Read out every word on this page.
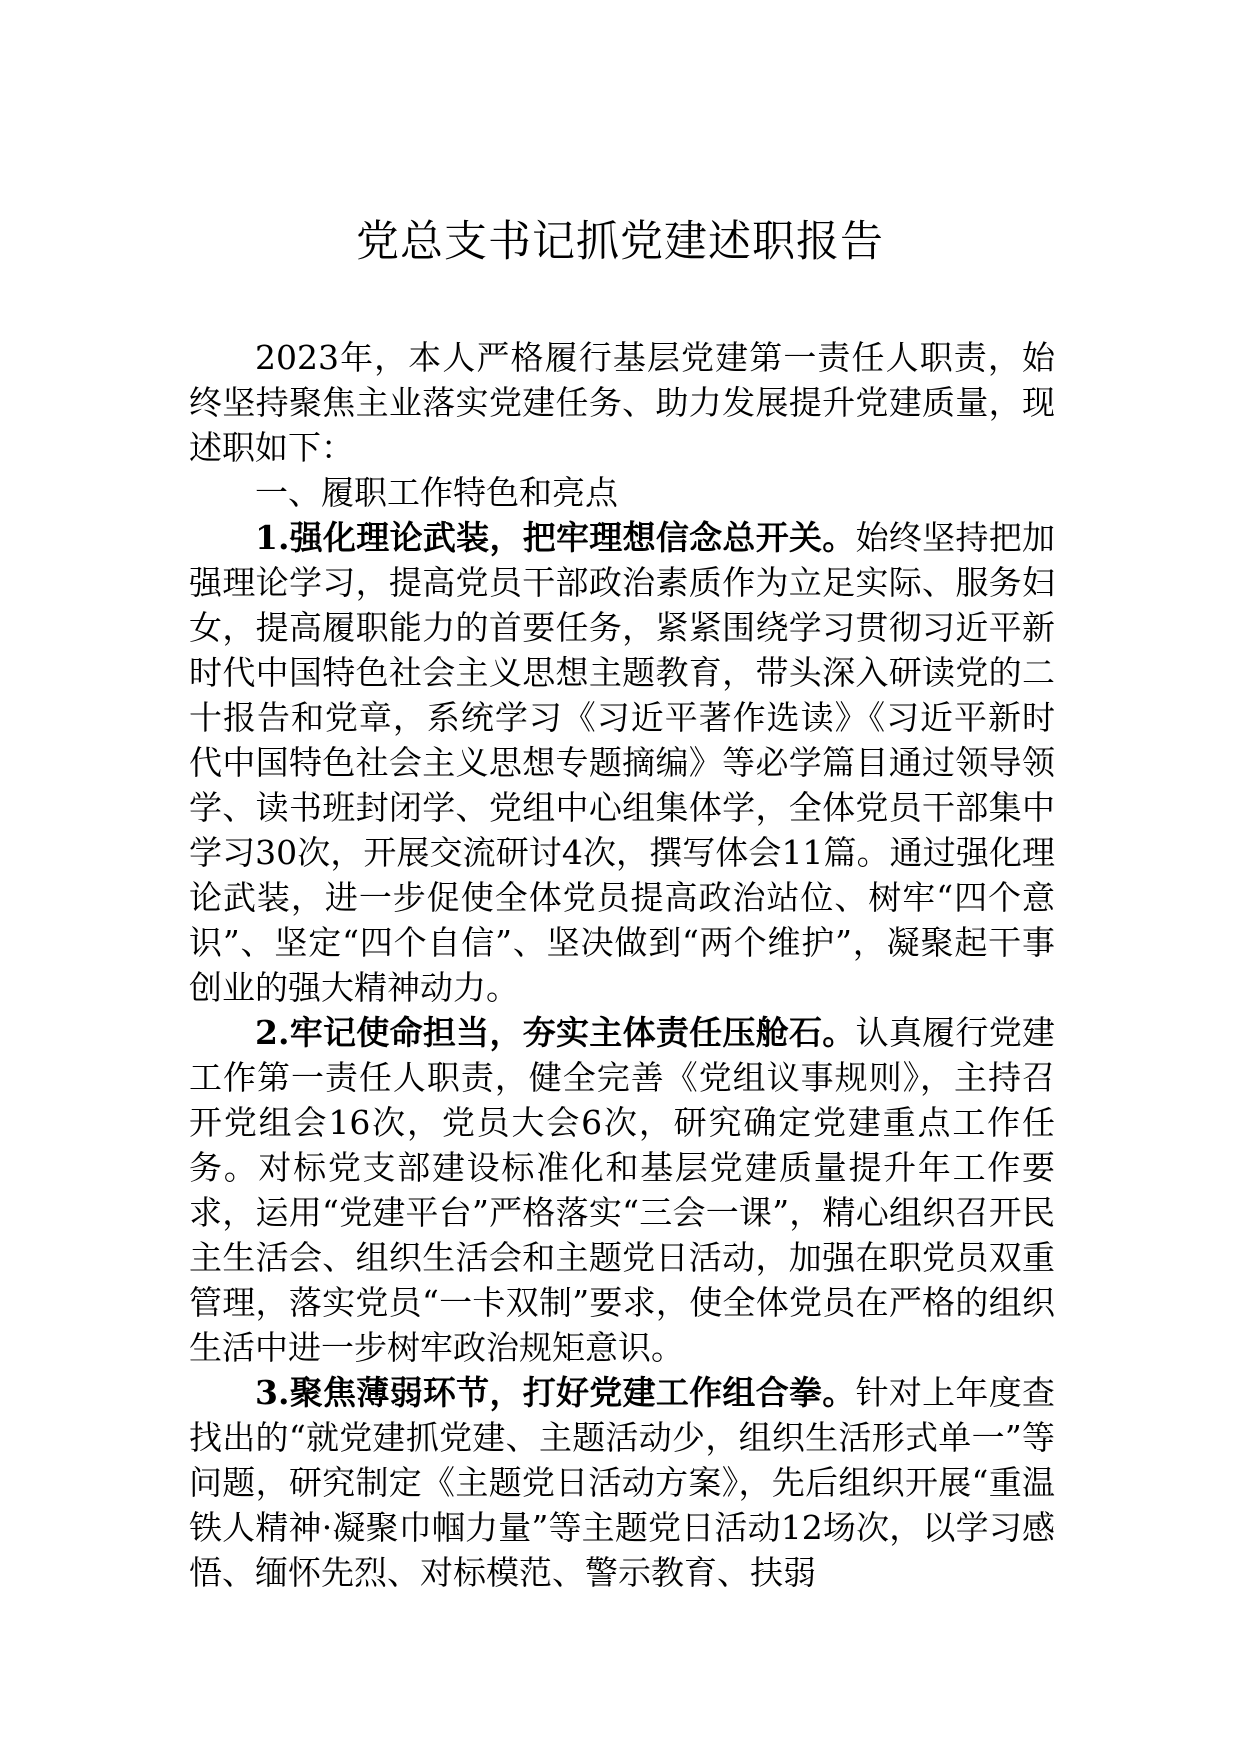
党总支书记抓党建述职报告

2023年，本人严格履行基层党建第一责任人职责，始终坚持聚焦主业落实党建任务、助力发展提升党建质量，现述职如下：

一、履职工作特色和亮点

1.强化理论武装，把牢理想信念总开关。始终坚持把加强理论学习，提高党员干部政治素质作为立足实际、服务妇女，提高履职能力的首要任务，紧紧围绕学习贯彻习近平新时代中国特色社会主义思想主题教育，带头深入研读党的二十报告和党章，系统学习《习近平著作选读》《习近平新时代中国特色社会主义思想专题摘编》等必学篇目通过领导领学、读书班封闭学、党组中心组集体学，全体党员干部集中学习30次，开展交流研讨4次，撰写体会11篇。通过强化理论武装，进一步促使全体党员提高政治站位、树牢“四个意识”、坚定“四个自信”、坚决做到“两个维护”，凝聚起干事创业的强大精神动力。

2.牢记使命担当，夯实主体责任压舱石。认真履行党建工作第一责任人职责，健全完善《党组议事规则》，主持召开党组会16次，党员大会6次，研究确定党建重点工作任务。对标党支部建设标准化和基层党建质量提升年工作要求，运用“党建平台”严格落实“三会一课”，精心组织召开民主生活会、组织生活会和主题党日活动，加强在职党员双重管理，落实党员“一卡双制”要求，使全体党员在严格的组织生活中进一步树牢政治规矩意识。

3.聚焦薄弱环节，打好党建工作组合拳。针对上年度查找出的“就党建抓党建、主题活动少，组织生活形式单一”等问题，研究制定《主题党日活动方案》，先后组织开展“重温铁人精神·凝聚巾帼力量”等主题党日活动12场次，以学习感悟、缅怀先烈、对标模范、警示教育、扶弱
